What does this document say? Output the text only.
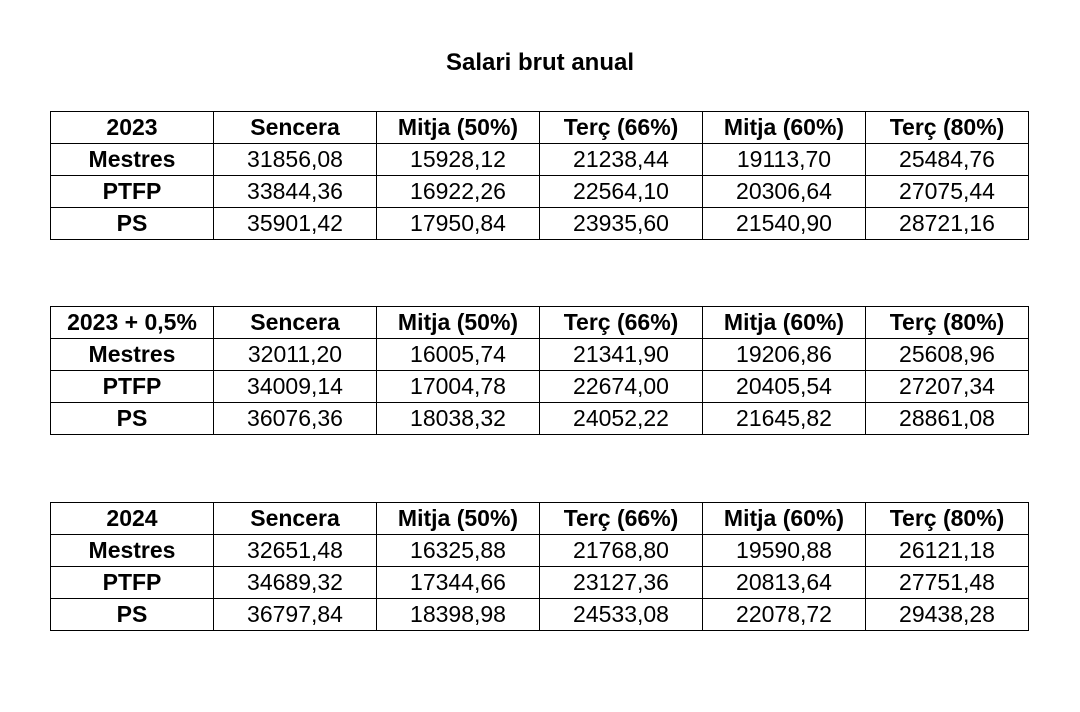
Salari brut anual
2023	Sencera	Mitja (50%)	Terç (66%)	Mitja (60%)	Terç (80%)
Mestres	31856,08	15928,12	21238,44	19113,70	25484,76
PTFP	33844,36	16922,26	22564,10	20306,64	27075,44
PS	35901,42	17950,84	23935,60	21540,90	28721,16
2023 + 0,5%	Sencera	Mitja (50%)	Terç (66%)	Mitja (60%)	Terç (80%)
Mestres	32011,20	16005,74	21341,90	19206,86	25608,96
PTFP	34009,14	17004,78	22674,00	20405,54	27207,34
PS	36076,36	18038,32	24052,22	21645,82	28861,08
2024	Sencera	Mitja (50%)	Terç (66%)	Mitja (60%)	Terç (80%)
Mestres	32651,48	16325,88	21768,80	19590,88	26121,18
PTFP	34689,32	17344,66	23127,36	20813,64	27751,48
PS	36797,84	18398,98	24533,08	22078,72	29438,28
